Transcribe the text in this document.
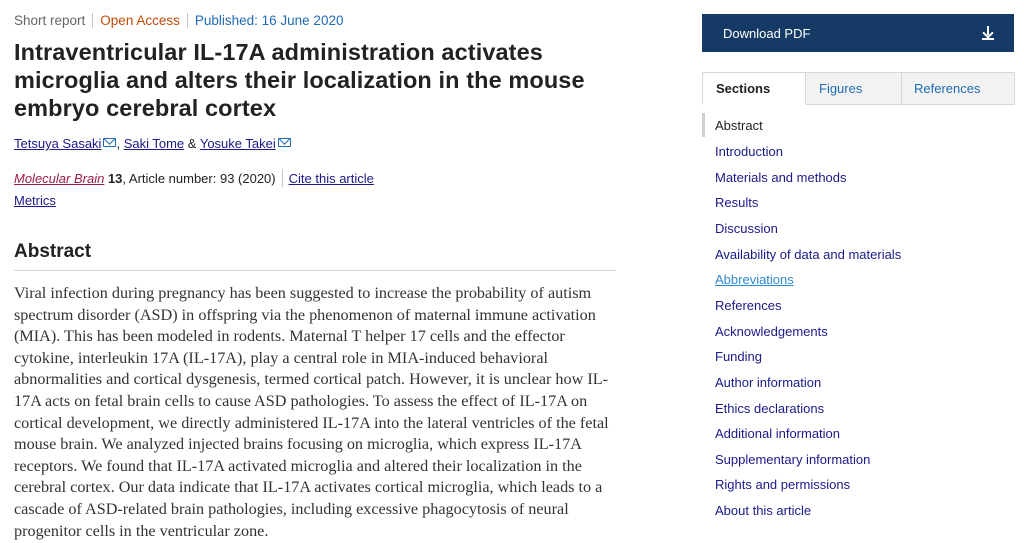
Short report Open Access Published: 16 June 2020
Intraventricular IL-17A administration activates microglia and alters their localization in the mouse embryo cerebral cortex
Tetsuya Sasaki , Saki Tome & Yosuke Takei
Molecular Brain 13, Article number: 93 (2020) Cite this article
Metrics
Abstract

Viral infection during pregnancy has been suggested to increase the probability of autism spectrum disorder (ASD) in offspring via the phenomenon of maternal immune activation (MIA). This has been modeled in rodents. Maternal T helper 17 cells and the effector cytokine, interleukin 17A (IL-17A), play a central role in MIA-induced behavioral abnormalities and cortical dysgenesis, termed cortical patch. However, it is unclear how IL-17A acts on fetal brain cells to cause ASD pathologies. To assess the effect of IL-17A on cortical development, we directly administered IL-17A into the lateral ventricles of the fetal mouse brain. We analyzed injected brains focusing on microglia, which express IL-17A receptors. We found that IL-17A activated microglia and altered their localization in the cerebral cortex. Our data indicate that IL-17A activates cortical microglia, which leads to a cascade of ASD-related brain pathologies, including excessive phagocytosis of neural progenitor cells in the ventricular zone.

Download PDF
Sections	Figures	References
Abstract
Introduction
Materials and methods
Results
Discussion
Availability of data and materials
Abbreviations
References
Acknowledgements
Funding
Author information
Ethics declarations
Additional information
Supplementary information
Rights and permissions
About this article
